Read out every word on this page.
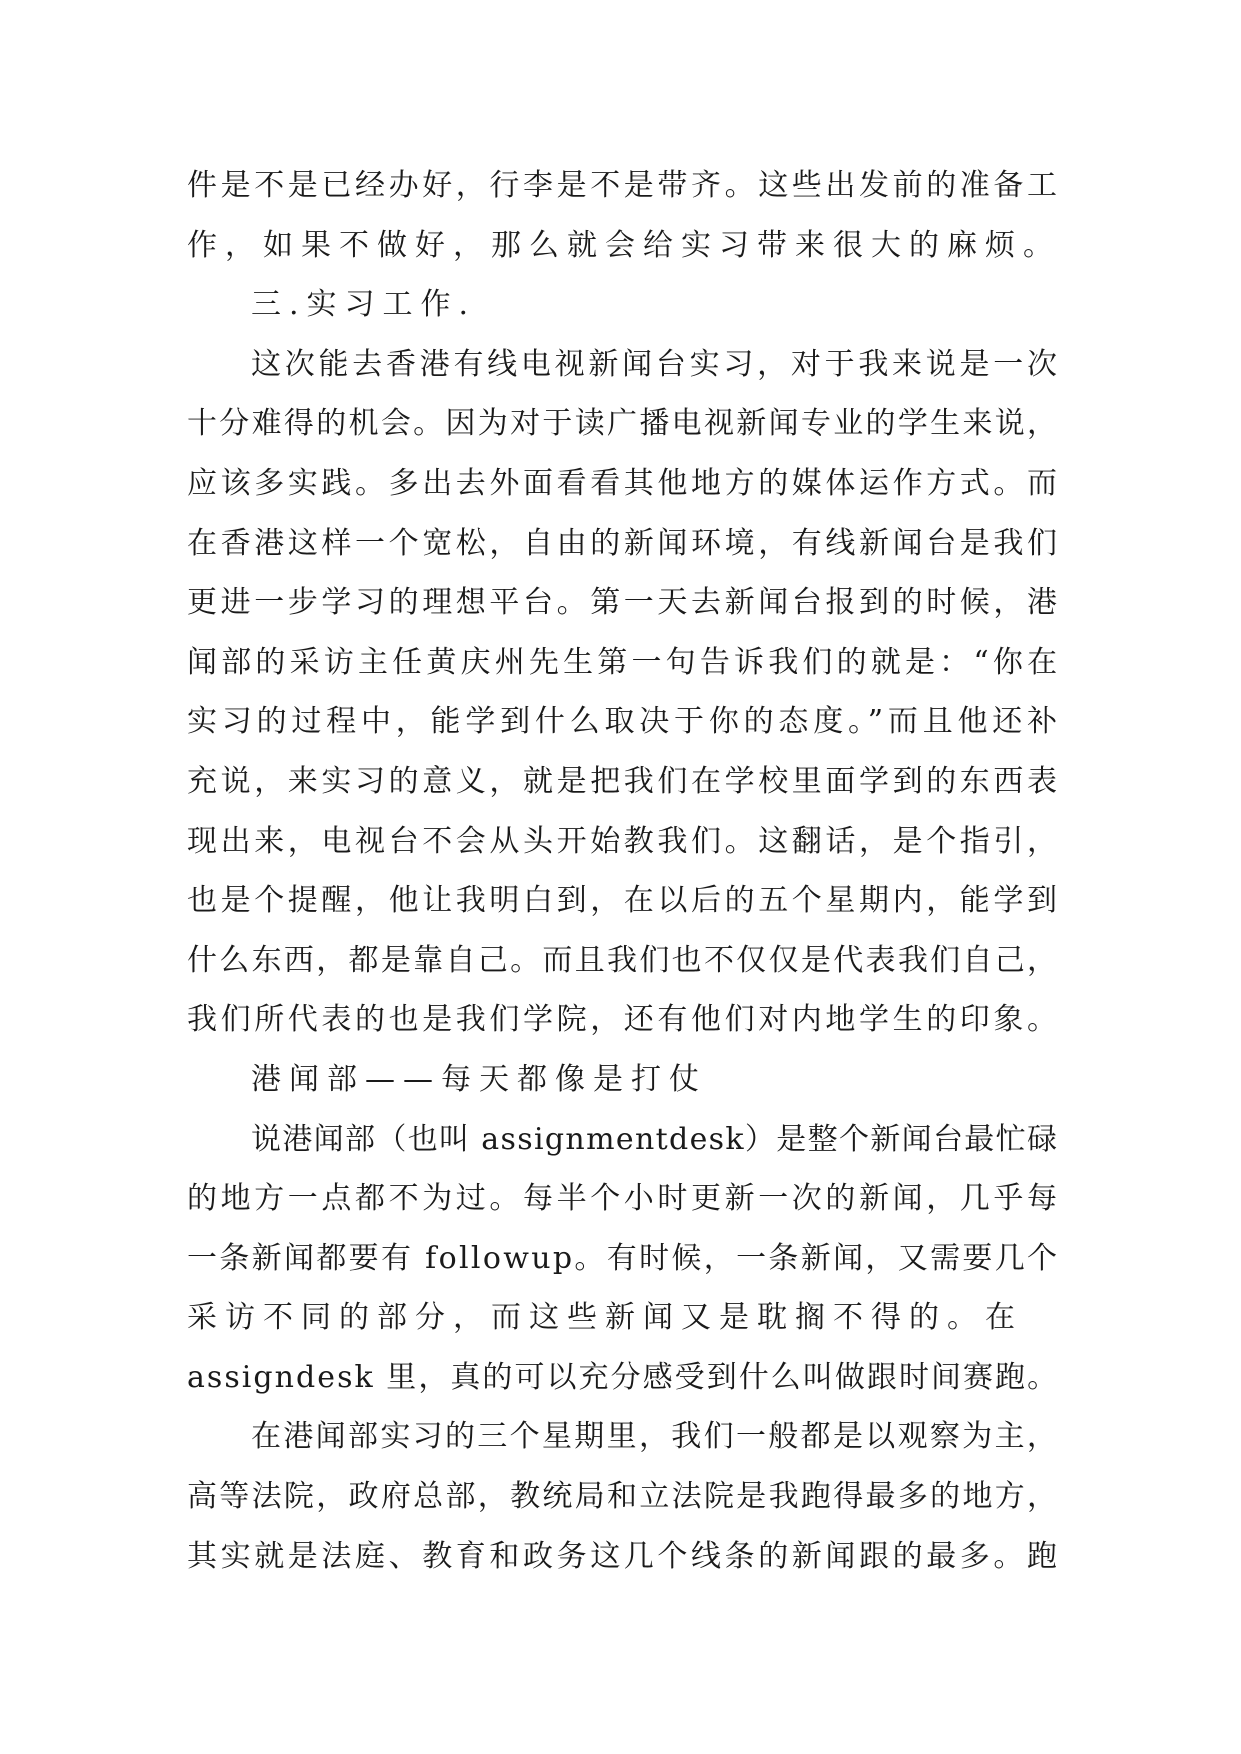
件是不是已经办好，行李是不是带齐。这些出发前的准备工
作，如果不做好，那么就会给实习带来很大的麻烦。
三.实习工作.
这次能去香港有线电视新闻台实习，对于我来说是一次
十分难得的机会。因为对于读广播电视新闻专业的学生来说，
应该多实践。多出去外面看看其他地方的媒体运作方式。而
在香港这样一个宽松，自由的新闻环境，有线新闻台是我们
更进一步学习的理想平台。第一天去新闻台报到的时候，港
闻部的采访主任黄庆州先生第一句告诉我们的就是：“你在
实习的过程中，能学到什么取决于你的态度。”而且他还补
充说，来实习的意义，就是把我们在学校里面学到的东西表
现出来，电视台不会从头开始教我们。这翻话，是个指引，
也是个提醒，他让我明白到，在以后的五个星期内，能学到
什么东西，都是靠自己。而且我们也不仅仅是代表我们自己，
我们所代表的也是我们学院，还有他们对内地学生的印象。
港闻部——每天都像是打仗
说港闻部（也叫 assignmentdesk）是整个新闻台最忙碌
的地方一点都不为过。每半个小时更新一次的新闻，几乎每
一条新闻都要有 followup。有时候，一条新闻，又需要几个
采访不同的部分，而这些新闻又是耽搁不得的。在
assigndesk 里，真的可以充分感受到什么叫做跟时间赛跑。
在港闻部实习的三个星期里，我们一般都是以观察为主，
高等法院，政府总部，教统局和立法院是我跑得最多的地方，
其实就是法庭、教育和政务这几个线条的新闻跟的最多。跑
